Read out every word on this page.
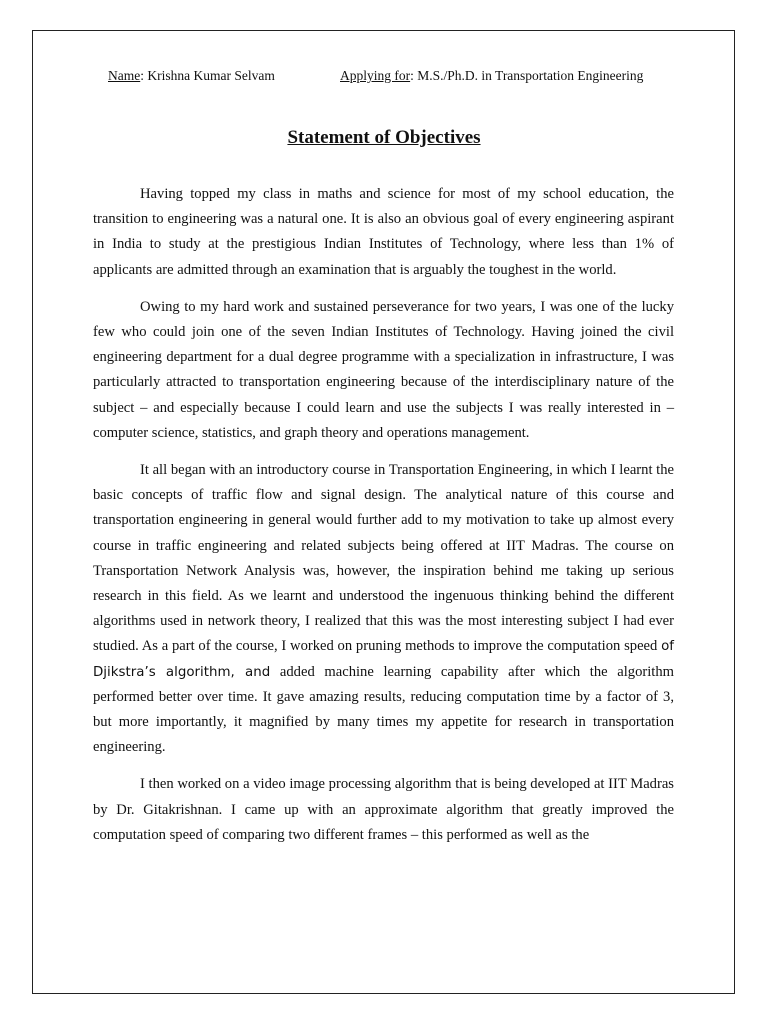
Name: Krishna Kumar Selvam	Applying for: M.S./Ph.D. in Transportation Engineering
Statement of Objectives

Having topped my class in maths and science for most of my school education, the transition to engineering was a natural one. It is also an obvious goal of every engineering aspirant in India to study at the prestigious Indian Institutes of Technology, where less than 1% of applicants are admitted through an examination that is arguably the toughest in the world.

Owing to my hard work and sustained perseverance for two years, I was one of the lucky few who could join one of the seven Indian Institutes of Technology. Having joined the civil engineering department for a dual degree programme with a specialization in infrastructure, I was particularly attracted to transportation engineering because of the interdisciplinary nature of the subject – and especially because I could learn and use the subjects I was really interested in – computer science, statistics, and graph theory and operations management.

It all began with an introductory course in Transportation Engineering, in which I learnt the basic concepts of traffic flow and signal design. The analytical nature of this course and transportation engineering in general would further add to my motivation to take up almost every course in traffic engineering and related subjects being offered at IIT Madras. The course on Transportation Network Analysis was, however, the inspiration behind me taking up serious research in this field. As we learnt and understood the ingenuous thinking behind the different algorithms used in network theory, I realized that this was the most interesting subject I had ever studied. As a part of the course, I worked on pruning methods to improve the computation speed of Djikstra’s algorithm, and added machine learning capability after which the algorithm performed better over time. It gave amazing results, reducing computation time by a factor of 3, but more importantly, it magnified by many times my appetite for research in transportation engineering.

I then worked on a video image processing algorithm that is being developed at IIT Madras by Dr. Gitakrishnan. I came up with an approximate algorithm that greatly improved the computation speed of comparing two different frames – this performed as well as the
